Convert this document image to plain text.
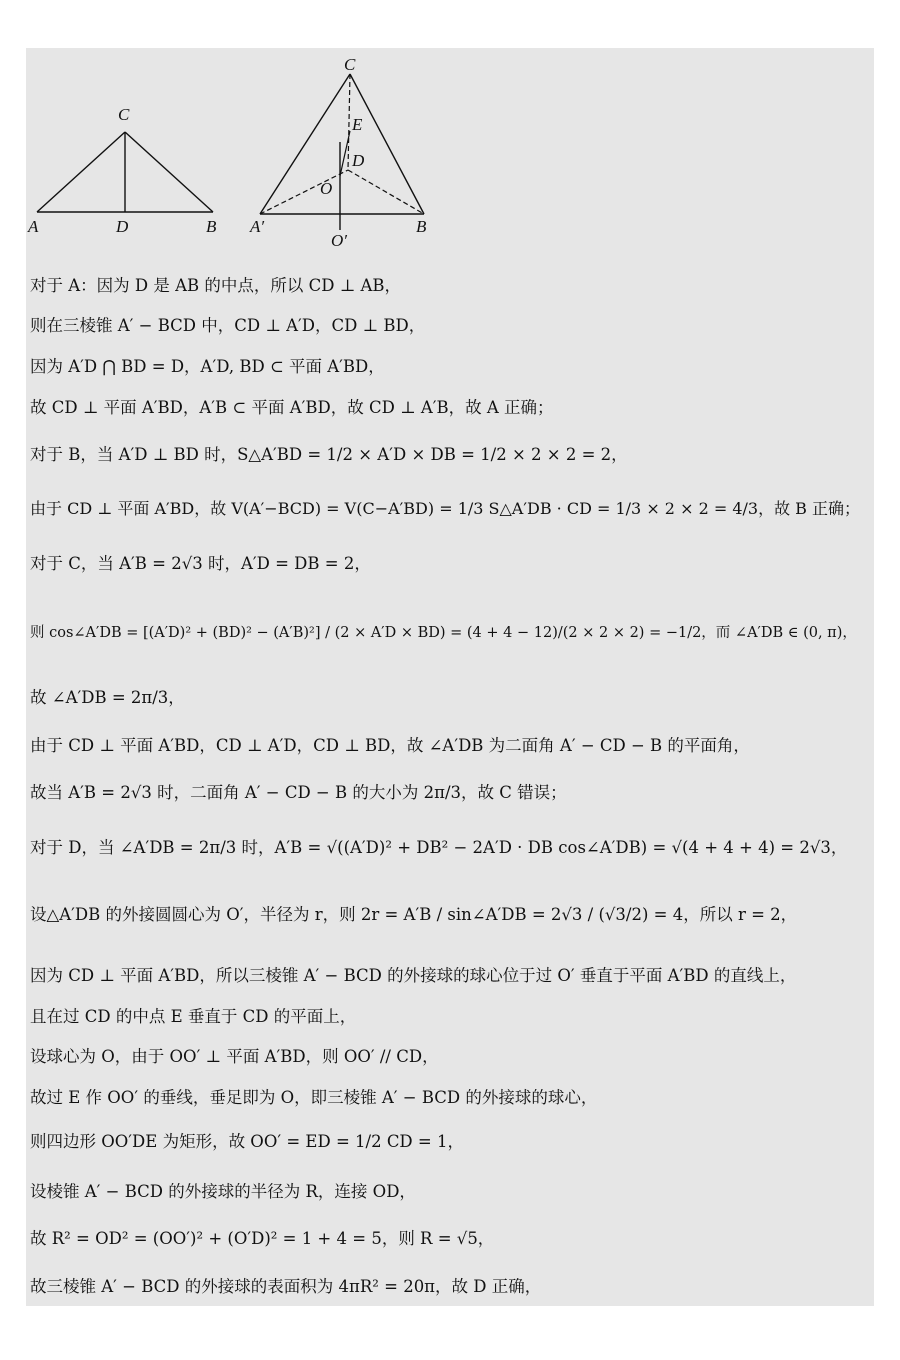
C
A	D	B
C
E
D
O
A′	B
O′
对于 A：因为 D 是 AB 的中点，所以 CD ⊥ AB，
则在三棱锥 A′ − BCD 中，CD ⊥ A′D，CD ⊥ BD，
因为 A′D ⋂ BD = D，A′D, BD ⊂ 平面 A′BD，
故 CD ⊥ 平面 A′BD，A′B ⊂ 平面 A′BD，故 CD ⊥ A′B，故 A 正确；
对于 B，当 A′D ⊥ BD 时，S△A′BD = 1/2 × A′D × DB = 1/2 × 2 × 2 = 2，
由于 CD ⊥ 平面 A′BD，故 V(A′−BCD) = V(C−A′BD) = 1/3 S△A′DB · CD = 1/3 × 2 × 2 = 4/3，故 B 正确；
对于 C，当 A′B = 2√3 时，A′D = DB = 2，
则 cos∠A′DB = [(A′D)² + (BD)² − (A′B)²] / (2 × A′D × BD) = (4 + 4 − 12)/(2 × 2 × 2) = −1/2，而 ∠A′DB ∈ (0, π)，
故 ∠A′DB = 2π/3，
由于 CD ⊥ 平面 A′BD，CD ⊥ A′D，CD ⊥ BD，故 ∠A′DB 为二面角 A′ − CD − B 的平面角，
故当 A′B = 2√3 时，二面角 A′ − CD − B 的大小为 2π/3，故 C 错误；
对于 D，当 ∠A′DB = 2π/3 时，A′B = √((A′D)² + DB² − 2A′D · DB cos∠A′DB) = √(4 + 4 + 4) = 2√3，
设△A′DB 的外接圆圆心为 O′，半径为 r，则 2r = A′B / sin∠A′DB = 2√3 / (√3/2) = 4，所以 r = 2，
因为 CD ⊥ 平面 A′BD，所以三棱锥 A′ − BCD 的外接球的球心位于过 O′ 垂直于平面 A′BD 的直线上，
且在过 CD 的中点 E 垂直于 CD 的平面上，
设球心为 O，由于 OO′ ⊥ 平面 A′BD，则 OO′ // CD，
故过 E 作 OO′ 的垂线，垂足即为 O，即三棱锥 A′ − BCD 的外接球的球心，
则四边形 OO′DE 为矩形，故 OO′ = ED = 1/2 CD = 1，
设棱锥 A′ − BCD 的外接球的半径为 R，连接 OD，
故 R² = OD² = (OO′)² + (O′D)² = 1 + 4 = 5，则 R = √5，
故三棱锥 A′ − BCD 的外接球的表面积为 4πR² = 20π，故 D 正确，
